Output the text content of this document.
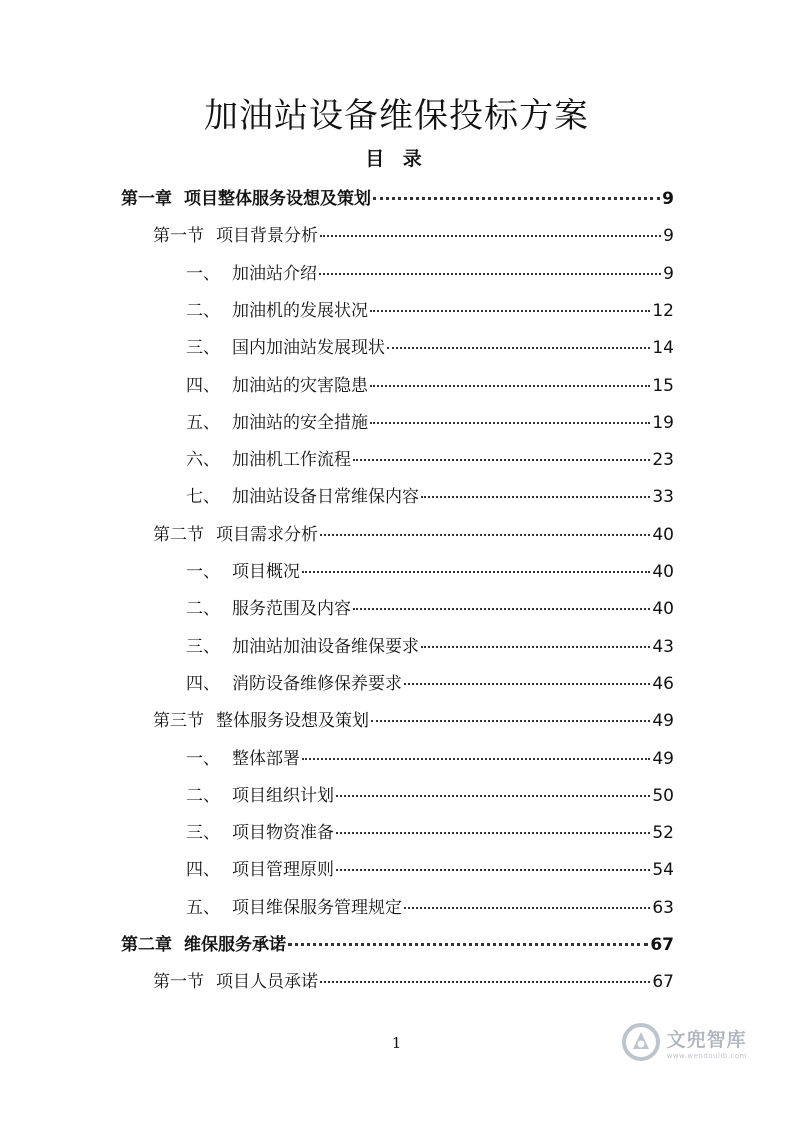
加油站设备维保投标方案
目 录
第一章 项目整体服务设想及策划	9
第一节 项目背景分析	9
一、 加油站介绍	9
二、 加油机的发展状况	12
三、 国内加油站发展现状	14
四、 加油站的灾害隐患	15
五、 加油站的安全措施	19
六、 加油机工作流程	23
七、 加油站设备日常维保内容	33
第二节 项目需求分析	40
一、 项目概况	40
二、 服务范围及内容	40
三、 加油站加油设备维保要求	43
四、 消防设备维修保养要求	46
第三节 整体服务设想及策划	49
一、 整体部署	49
二、 项目组织计划	50
三、 项目物资准备	52
四、 项目管理原则	54
五、 项目维保服务管理规定	63
第二章 维保服务承诺	67
第一节 项目人员承诺	67
1	文兜智库
www.wendoulib.com
